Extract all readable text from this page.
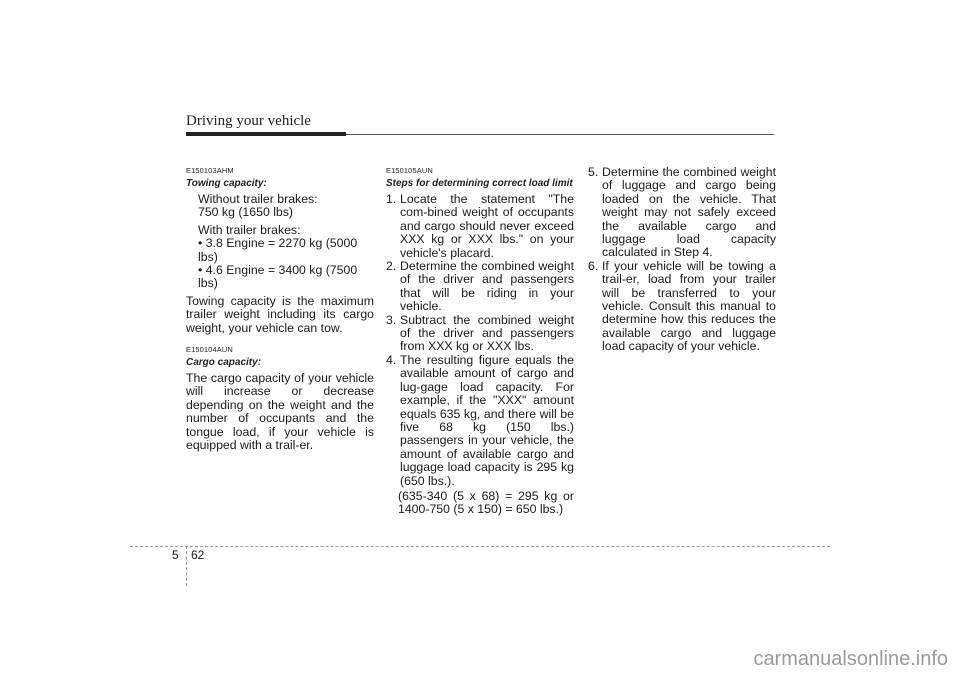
Driving your vehicle
E150103AHM
Towing capacity:
Without trailer brakes:
750 kg (1650 lbs)
With trailer brakes:
• 3.8 Engine = 2270 kg (5000 lbs)
• 4.6 Engine = 3400 kg (7500 lbs)
Towing capacity is the maximum trailer weight including its cargo weight, your vehicle can tow.
E150104AUN
Cargo capacity:
The cargo capacity of your vehicle will increase or decrease depending on the weight and the number of occupants and the tongue load, if your vehicle is equipped with a trail-er.
E150105AUN
Steps for determining correct load limit
1. Locate the statement "The com-bined weight of occupants and cargo should never exceed XXX kg or XXX lbs." on your vehicle's placard.
2. Determine the combined weight of the driver and passengers that will be riding in your vehicle.
3. Subtract the combined weight of the driver and passengers from XXX kg or XXX lbs.
4. The resulting figure equals the available amount of cargo and lug-gage load capacity. For example, if the "XXX" amount equals 635 kg, and there will be five 68 kg (150 lbs.) passengers in your vehicle, the amount of available cargo and luggage load capacity is 295 kg (650 lbs.).
(635-340 (5 x 68) = 295 kg or 1400-750 (5 x 150) = 650 lbs.)
5. Determine the combined weight of luggage and cargo being loaded on the vehicle. That weight may not safely exceed the available cargo and luggage load capacity calculated in Step 4.
6. If your vehicle will be towing a trail-er, load from your trailer will be transferred to your vehicle. Consult this manual to determine how this reduces the available cargo and luggage load capacity of your vehicle.
5 62
carmanualsonline.info
